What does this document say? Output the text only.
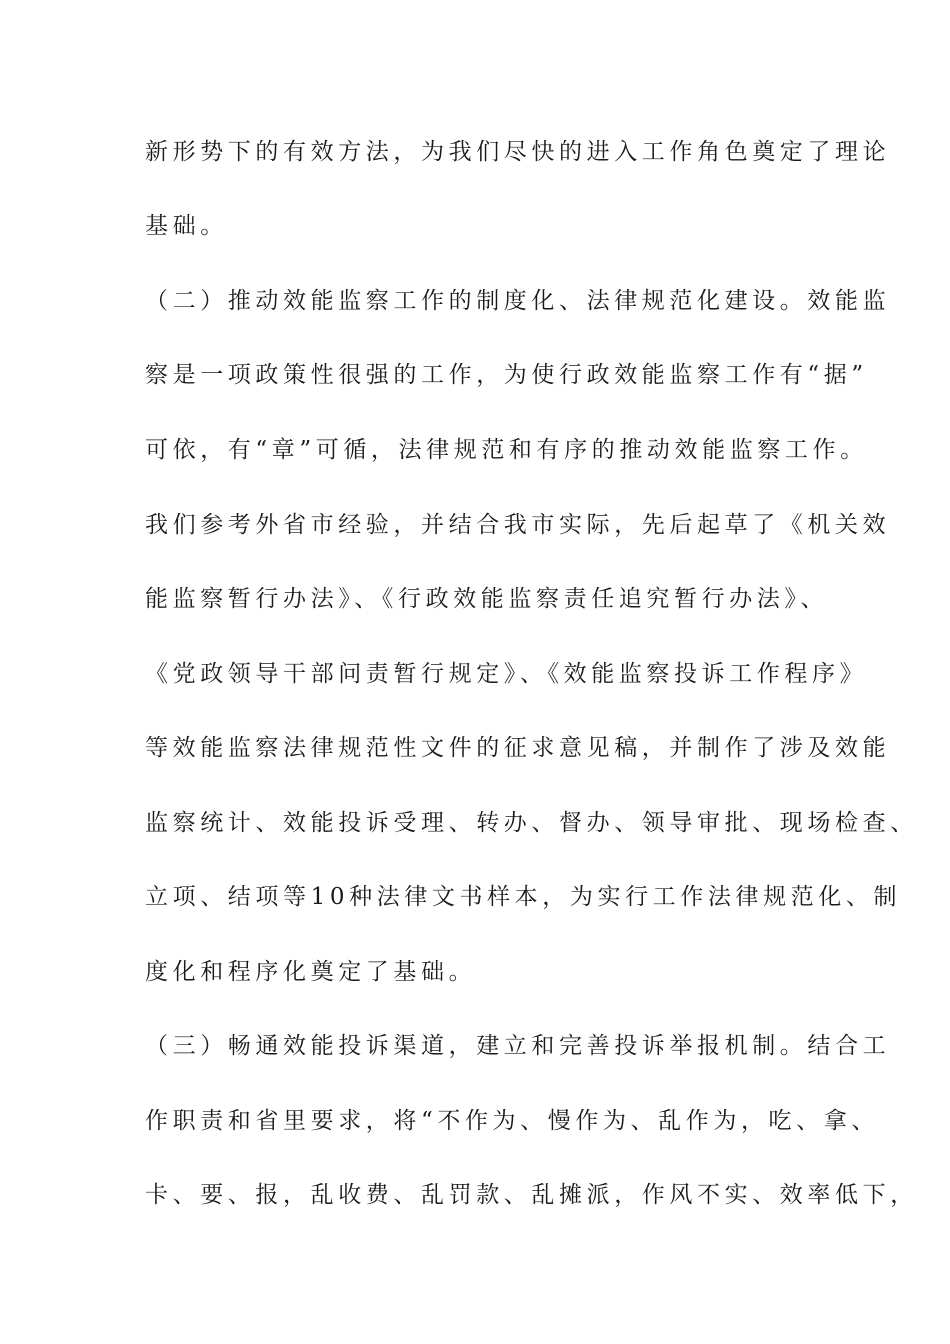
新形势下的有效方法，为我们尽快的进入工作角色奠定了理论
基础。
（二）推动效能监察工作的制度化、法律规范化建设。效能监
察是一项政策性很强的工作，为使行政效能监察工作有“据”
可依，有“章”可循，法律规范和有序的推动效能监察工作。
我们参考外省市经验，并结合我市实际，先后起草了《机关效
能监察暂行办法》、《行政效能监察责任追究暂行办法》、
《党政领导干部问责暂行规定》、《效能监察投诉工作程序》
等效能监察法律规范性文件的征求意见稿，并制作了涉及效能
监察统计、效能投诉受理、转办、督办、领导审批、现场检查、
立项、结项等10种法律文书样本，为实行工作法律规范化、制
度化和程序化奠定了基础。
（三）畅通效能投诉渠道，建立和完善投诉举报机制。结合工
作职责和省里要求，将“不作为、慢作为、乱作为，吃、拿、
卡、要、报，乱收费、乱罚款、乱摊派，作风不实、效率低下，
